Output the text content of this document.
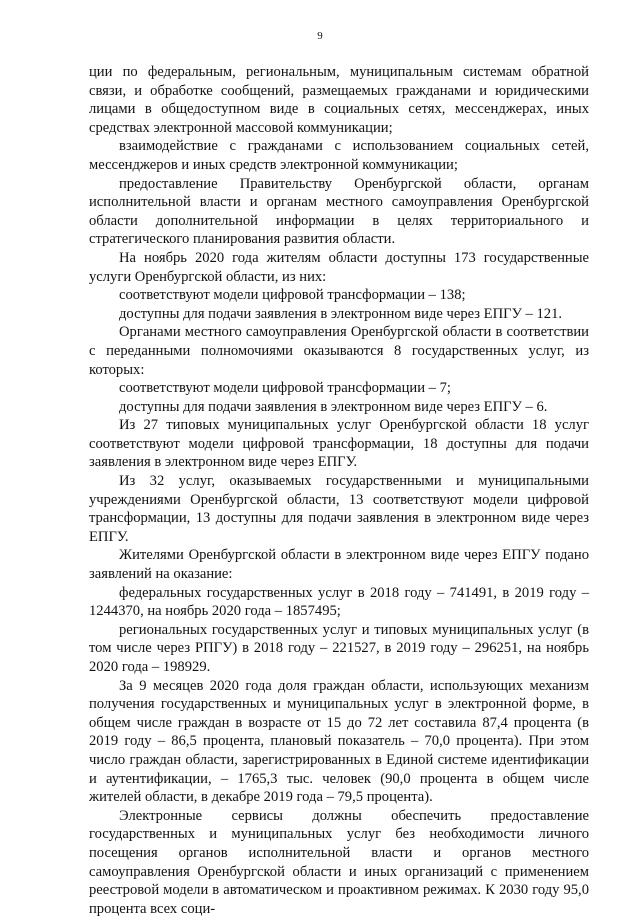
9

ции по федеральным, региональным, муниципальным системам обратной связи, и обработке сообщений, размещаемых гражданами и юридическими лицами в общедоступном виде в социальных сетях, мессенджерах, иных средствах электронной массовой коммуникации;

взаимодействие с гражданами с использованием социальных сетей, мессенджеров и иных средств электронной коммуникации;

предоставление Правительству Оренбургской области, органам исполнительной власти и органам местного самоуправления Оренбургской области дополнительной информации в целях территориального и стратегического планирования развития области.

На ноябрь 2020 года жителям области доступны 173 государственные услуги Оренбургской области, из них:

соответствуют модели цифровой трансформации – 138;

доступны для подачи заявления в электронном виде через ЕПГУ – 121.

Органами местного самоуправления Оренбургской области в соответствии с переданными полномочиями оказываются 8 государственных услуг, из которых:

соответствуют модели цифровой трансформации – 7;

доступны для подачи заявления в электронном виде через ЕПГУ – 6.

Из 27 типовых муниципальных услуг Оренбургской области 18 услуг соответствуют модели цифровой трансформации, 18 доступны для подачи заявления в электронном виде через ЕПГУ.

Из 32 услуг, оказываемых государственными и муниципальными учреждениями Оренбургской области, 13 соответствуют модели цифровой трансформации, 13 доступны для подачи заявления в электронном виде через ЕПГУ.

Жителями Оренбургской области в электронном виде через ЕПГУ подано заявлений на оказание:

федеральных государственных услуг в 2018 году – 741491, в 2019 году – 1244370, на ноябрь 2020 года – 1857495;

региональных государственных услуг и типовых муниципальных услуг (в том числе через РПГУ) в 2018 году – 221527, в 2019 году – 296251, на ноябрь 2020 года – 198929.

За 9 месяцев 2020 года доля граждан области, использующих механизм получения государственных и муниципальных услуг в электронной форме, в общем числе граждан в возрасте от 15 до 72 лет составила 87,4 процента (в 2019 году – 86,5 процента, плановый показатель – 70,0 процента). При этом число граждан области, зарегистрированных в Единой системе идентификации и аутентификации, – 1765,3 тыс. человек (90,0 процента в общем числе жителей области, в декабре 2019 года – 79,5 процента).

Электронные сервисы должны обеспечить предоставление государственных и муниципальных услуг без необходимости личного посещения органов исполнительной власти и органов местного самоуправления Оренбургской области и иных организаций с применением реестровой модели в автоматическом и проактивном режимах. К 2030 году 95,0 процента всех соци-
